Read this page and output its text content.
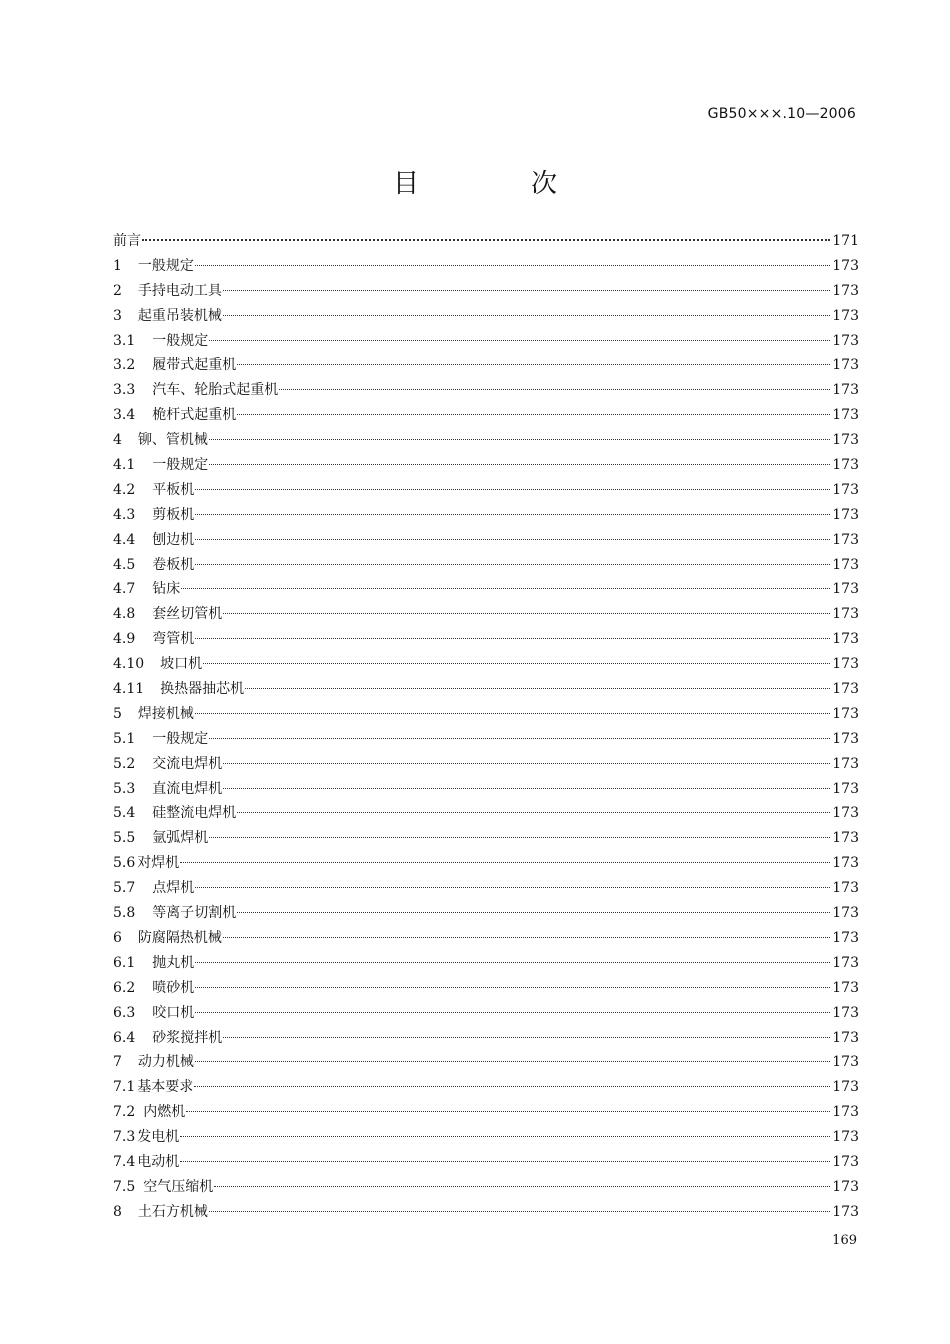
GB50×××.10—2006
目	次
前言	171
1 一般规定	173
2 手持电动工具	173
3 起重吊装机械	173
3.1 一般规定	173
3.2 履带式起重机	173
3.3 汽车、轮胎式起重机	173
3.4 桅杆式起重机	173
4 铆、管机械	173
4.1 一般规定	173
4.2 平板机	173
4.3 剪板机	173
4.4 刨边机	173
4.5 卷板机	173
4.7 钻床	173
4.8 套丝切管机	173
4.9 弯管机	173
4.10 坡口机	173
4.11 换热器抽芯机	173
5 焊接机械	173
5.1 一般规定	173
5.2 交流电焊机	173
5.3 直流电焊机	173
5.4 硅整流电焊机	173
5.5 氩弧焊机	173
5.6 对焊机	173
5.7 点焊机	173
5.8 等离子切割机	173
6 防腐隔热机械	173
6.1 抛丸机	173
6.2 喷砂机	173
6.3 咬口机	173
6.4 砂浆搅拌机	173
7 动力机械	173
7.1 基本要求	173
7.2 内燃机	173
7.3 发电机	173
7.4 电动机	173
7.5 空气压缩机	173
8 土石方机械	173
169
